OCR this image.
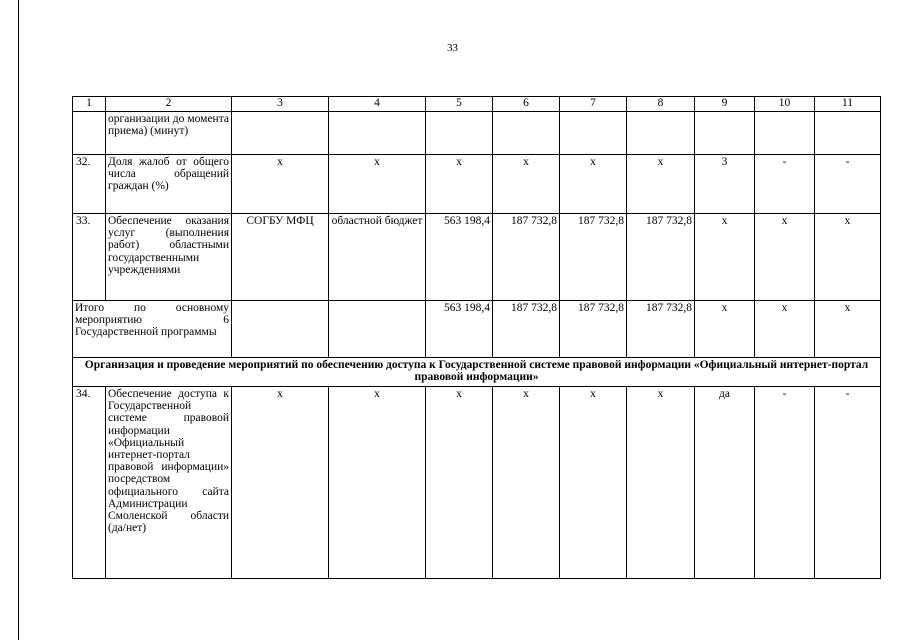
33
1	2	3	4	5	6	7	8	9	10	11
	организации до момента приема) (минут)									
32.	Доля жалоб от общего числа обращений граждан (%)	х	х	х	х	х	х	3	-	-
33.	Обеспечение оказания услуг (выполнения работ) областными государственными учреждениями	СОГБУ МФЦ	областной бюджет	563 198,4	187 732,8	187 732,8	187 732,8	х	х	х
Итого по основному мероприятию 6 Государственной программы				563 198,4	187 732,8	187 732,8	187 732,8	х	х	х
Организация и проведение мероприятий по обеспечению доступа к Государственной системе правовой информации «Официальный интернет-портал правовой информации»										
34.	Обеспечение доступа к Государственной системе правовой информации «Официальный интернет-портал правовой информации» посредством официального сайта Администрации Смоленской области (да/нет)	х	х	х	х	х	х	да	-	-
